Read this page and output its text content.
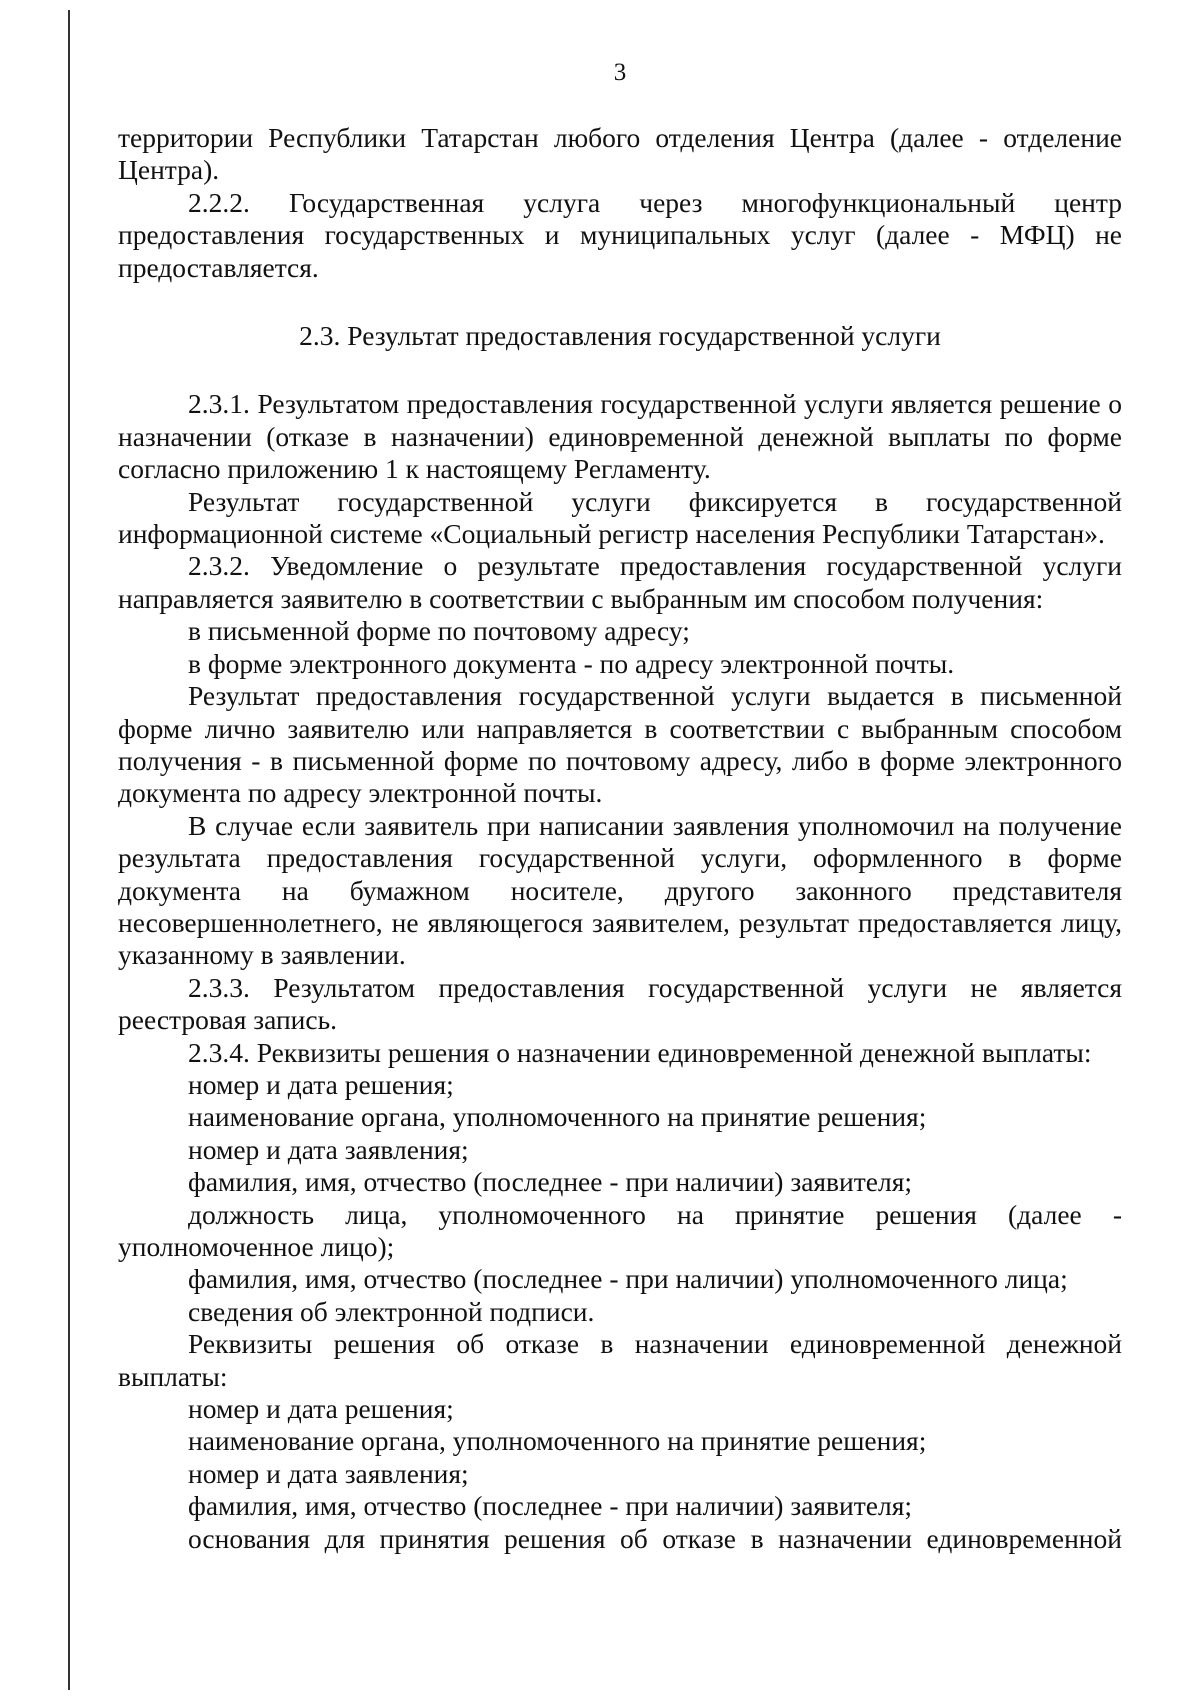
3

территории Республики Татарстан любого отделения Центра (далее - отделение Центра).

2.2.2. Государственная услуга через многофункциональный центр предоставления государственных и муниципальных услуг (далее - МФЦ) не предоставляется.

2.3. Результат предоставления государственной услуги

2.3.1. Результатом предоставления государственной услуги является решение о назначении (отказе в назначении) единовременной денежной выплаты по форме согласно приложению 1 к настоящему Регламенту.

Результат государственной услуги фиксируется в государственной информационной системе «Социальный регистр населения Республики Татарстан».

2.3.2. Уведомление о результате предоставления государственной услуги направляется заявителю в соответствии с выбранным им способом получения:

в письменной форме по почтовому адресу;

в форме электронного документа - по адресу электронной почты.

Результат предоставления государственной услуги выдается в письменной форме лично заявителю или направляется в соответствии с выбранным способом получения - в письменной форме по почтовому адресу, либо в форме электронного документа по адресу электронной почты.

В случае если заявитель при написании заявления уполномочил на получение результата предоставления государственной услуги, оформленного в форме документа на бумажном носителе, другого законного представителя несовершеннолетнего, не являющегося заявителем, результат предоставляется лицу, указанному в заявлении.

2.3.3. Результатом предоставления государственной услуги не является реестровая запись.

2.3.4. Реквизиты решения о назначении единовременной денежной выплаты:

номер и дата решения;

наименование органа, уполномоченного на принятие решения;

номер и дата заявления;

фамилия, имя, отчество (последнее - при наличии) заявителя;

должность лица, уполномоченного на принятие решения (далее - уполномоченное лицо);

фамилия, имя, отчество (последнее - при наличии) уполномоченного лица;

сведения об электронной подписи.

Реквизиты решения об отказе в назначении единовременной денежной выплаты:

номер и дата решения;

наименование органа, уполномоченного на принятие решения;

номер и дата заявления;

фамилия, имя, отчество (последнее - при наличии) заявителя;

основания для принятия решения об отказе в назначении единовременной
